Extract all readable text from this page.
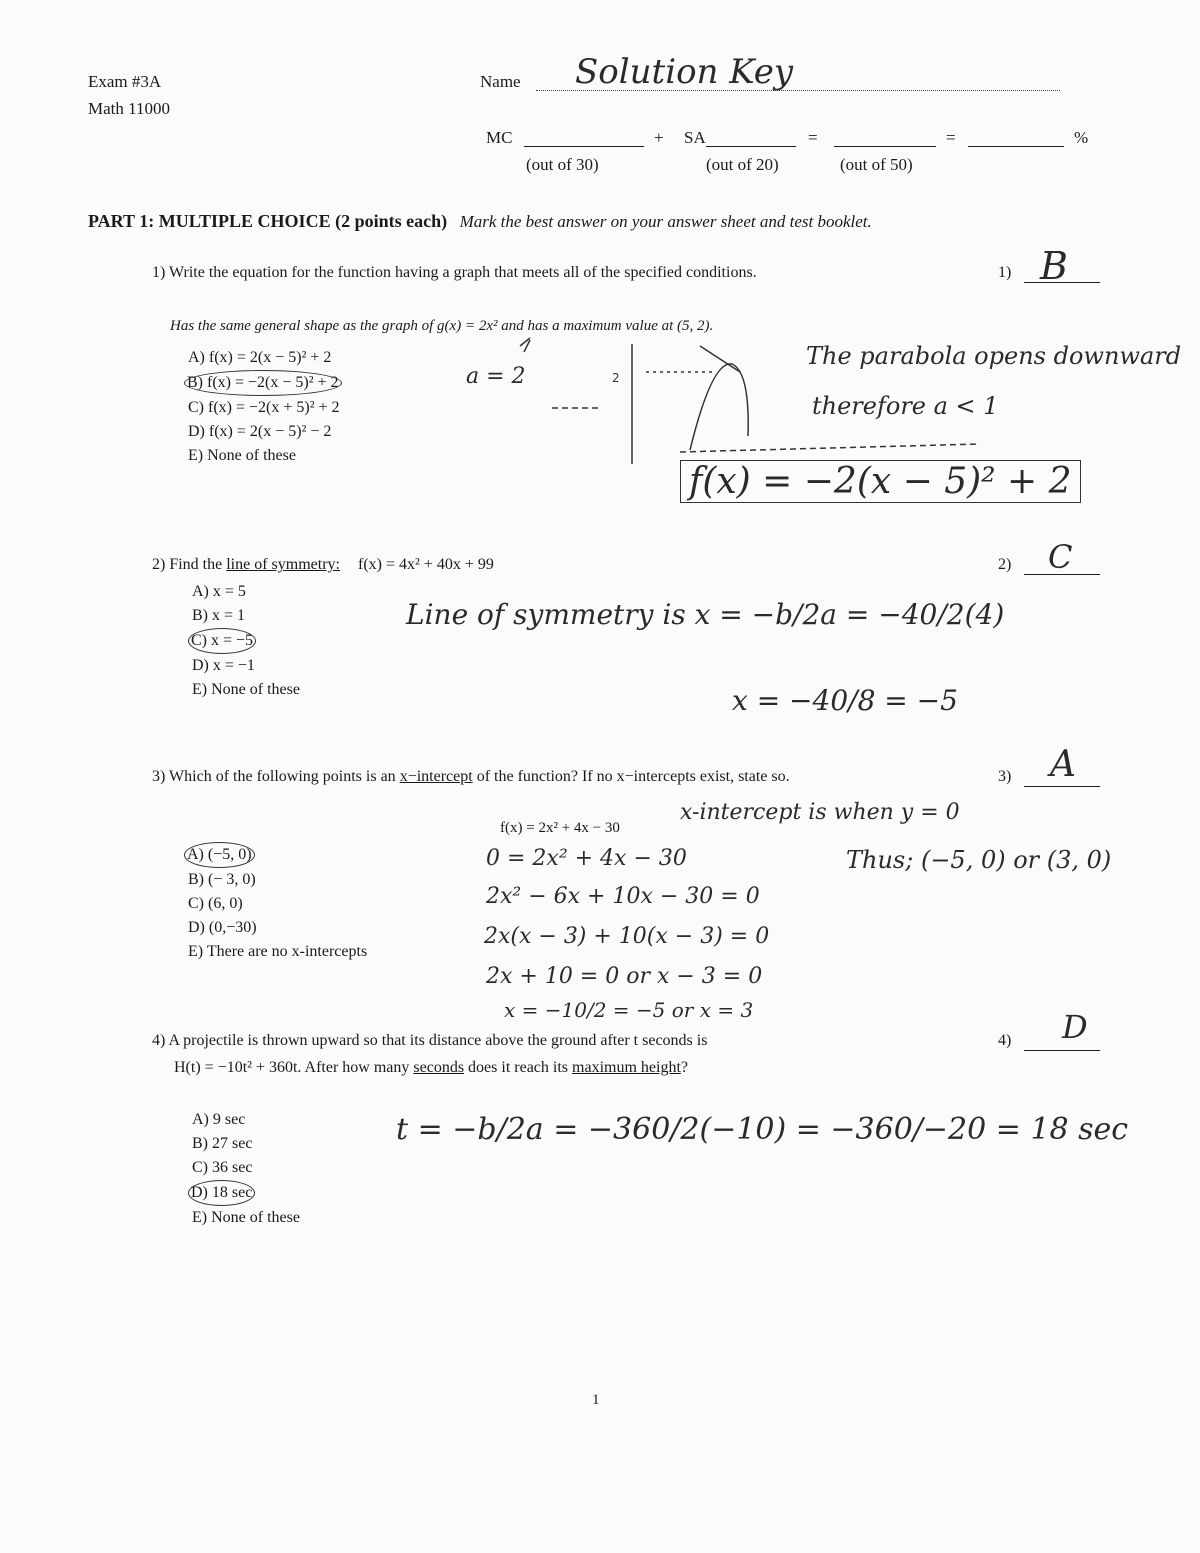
Exam #3A
Math 11000
Name Solution Key
MC	+ SA	=	=	%
(out of 30)	(out of 20)	(out of 50)
PART 1: MULTIPLE CHOICE (2 points each) Mark the best answer on your answer sheet and test booklet.
1) Write the equation for the function having a graph that meets all of the specified conditions.	1) B
Has the same general shape as the graph of g(x) = 2x² and has a maximum value at (5, 2).
A) f(x) = 2(x − 5)² + 2
B) f(x) = −2(x − 5)² + 2
C) f(x) = −2(x + 5)² + 2
D) f(x) = 2(x − 5)² − 2
E) None of these
a = 2
The parabola opens downward
therefore a < 1
f(x) = −2(x − 5)² + 2
2) Find the line of symmetry: f(x) = 4x² + 40x + 99	2) C
A) x = 5
B) x = 1
C) x = −5
D) x = −1
E) None of these
Line of symmetry is x = −b/2a = −40/2(4)
x = −40/8 = −5
3) Which of the following points is an x−intercept of the function? If no x−intercepts exist, state so.	3) A
f(x) = 2x² + 4x − 30
A) (−5, 0)
B) (− 3, 0)
C) (6, 0)
D) (0,−30)
E) There are no x-intercepts
x-intercept is when y = 0
0 = 2x² + 4x − 30
2x² − 6x + 10x − 30 = 0
2x(x − 3) + 10(x − 3) = 0
2x + 10 = 0 or x − 3 = 0
x = −10/2 = −5 or x = 3
Thus; (−5, 0) or (3, 0)
4) A projectile is thrown upward so that its distance above the ground after t seconds is
H(t) = −10t² + 360t. After how many seconds does it reach its maximum height?
4) D
A) 9 sec
B) 27 sec
C) 36 sec
D) 18 sec
E) None of these
t = −b/2a = −360/2(−10) = −360/−20 = 18 sec
2
1
